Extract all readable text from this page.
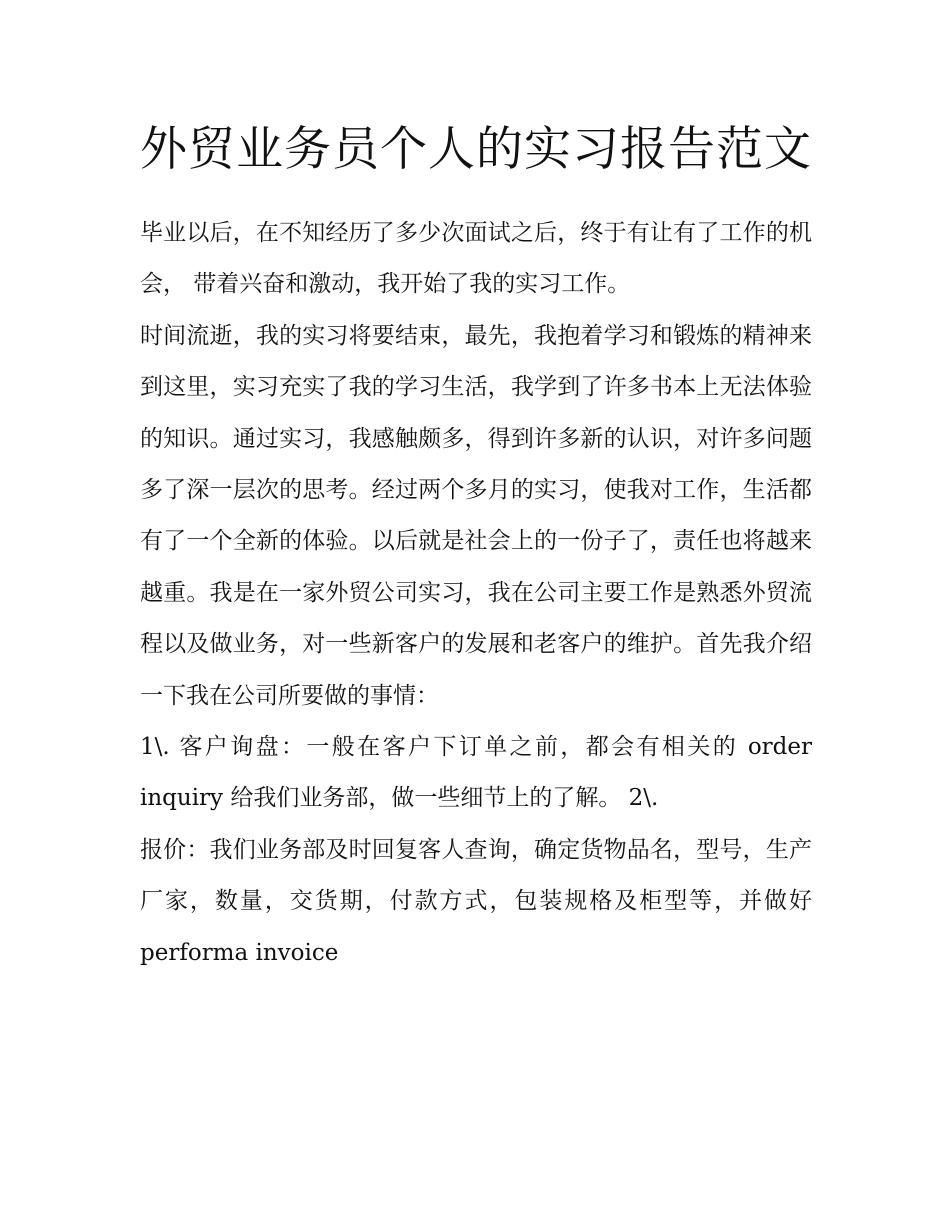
外贸业务员个人的实习报告范文

毕业以后，在不知经历了多少次面试之后，终于有让有了工作的机会， 带着兴奋和激动，我开始了我的实习工作。

时间流逝，我的实习将要结束，最先，我抱着学习和锻炼的精神来到这里，实习充实了我的学习生活，我学到了许多书本上无法体验的知识。通过实习，我感触颇多，得到许多新的认识，对许多问题多了深一层次的思考。经过两个多月的实习，使我对工作，生活都有了一个全新的体验。以后就是社会上的一份子了，责任也将越来越重。我是在一家外贸公司实习，我在公司主要工作是熟悉外贸流程以及做业务，对一些新客户的发展和老客户的维护。首先我介绍一下我在公司所要做的事情：

1\. 客户询盘：一般在客户下订单之前，都会有相关的 order inquiry 给我们业务部，做一些细节上的了解。 2\.

报价：我们业务部及时回复客人查询，确定货物品名，型号，生产厂家，数量，交货期，付款方式，包装规格及柜型等，并做好 performa invoice
